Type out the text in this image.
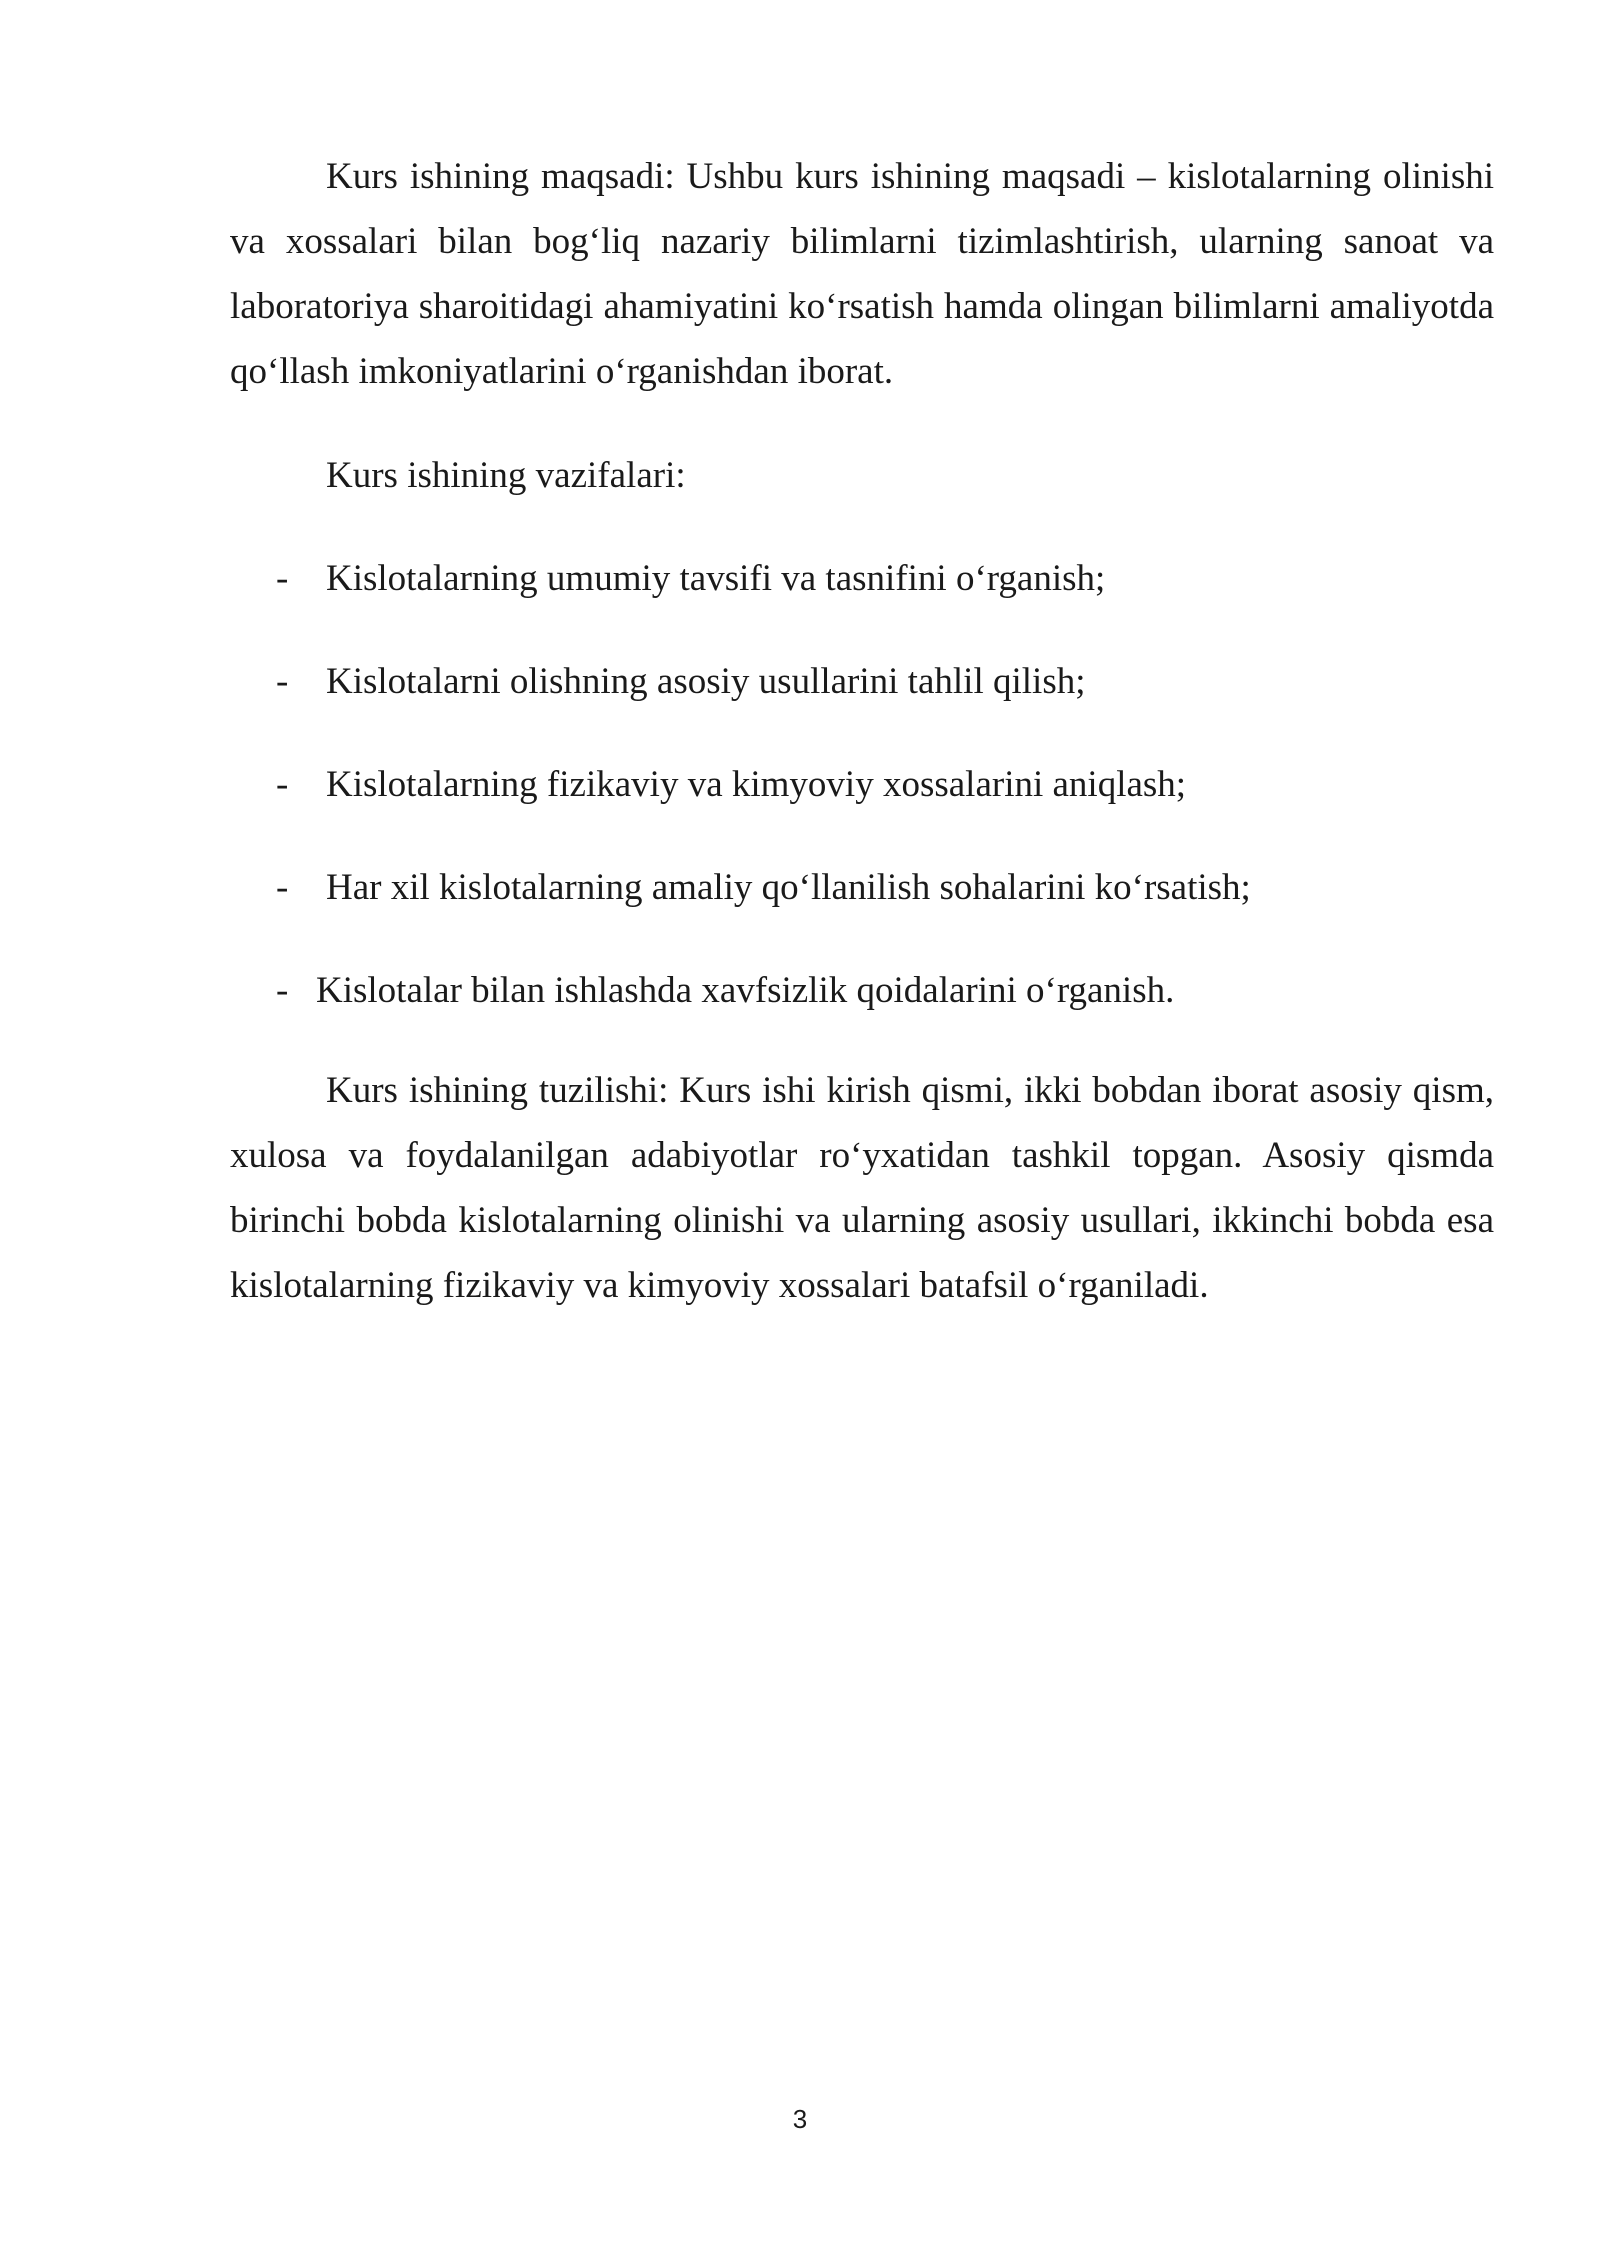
Kurs ishining maqsadi: Ushbu kurs ishining maqsadi – kislotalarning olinishi va xossalari bilan bog‘liq nazariy bilimlarni tizimlashtirish, ularning sanoat va laboratoriya sharoitidagi ahamiyatini ko‘rsatish hamda olingan bilimlarni amaliyotda qo‘llash imkoniyatlarini o‘rganishdan iborat.

Kurs ishining vazifalari:

- Kislotalarning umumiy tavsifi va tasnifini o‘rganish;
- Kislotalarni olishning asosiy usullarini tahlil qilish;
- Kislotalarning fizikaviy va kimyoviy xossalarini aniqlash;
- Har xil kislotalarning amaliy qo‘llanilish sohalarini ko‘rsatish;
- Kislotalar bilan ishlashda xavfsizlik qoidalarini o‘rganish.

Kurs ishining tuzilishi: Kurs ishi kirish qismi, ikki bobdan iborat asosiy qism, xulosa va foydalanilgan adabiyotlar ro‘yxatidan tashkil topgan. Asosiy qismda birinchi bobda kislotalarning olinishi va ularning asosiy usullari, ikkinchi bobda esa kislotalarning fizikaviy va kimyoviy xossalari batafsil o‘rganiladi.

3
